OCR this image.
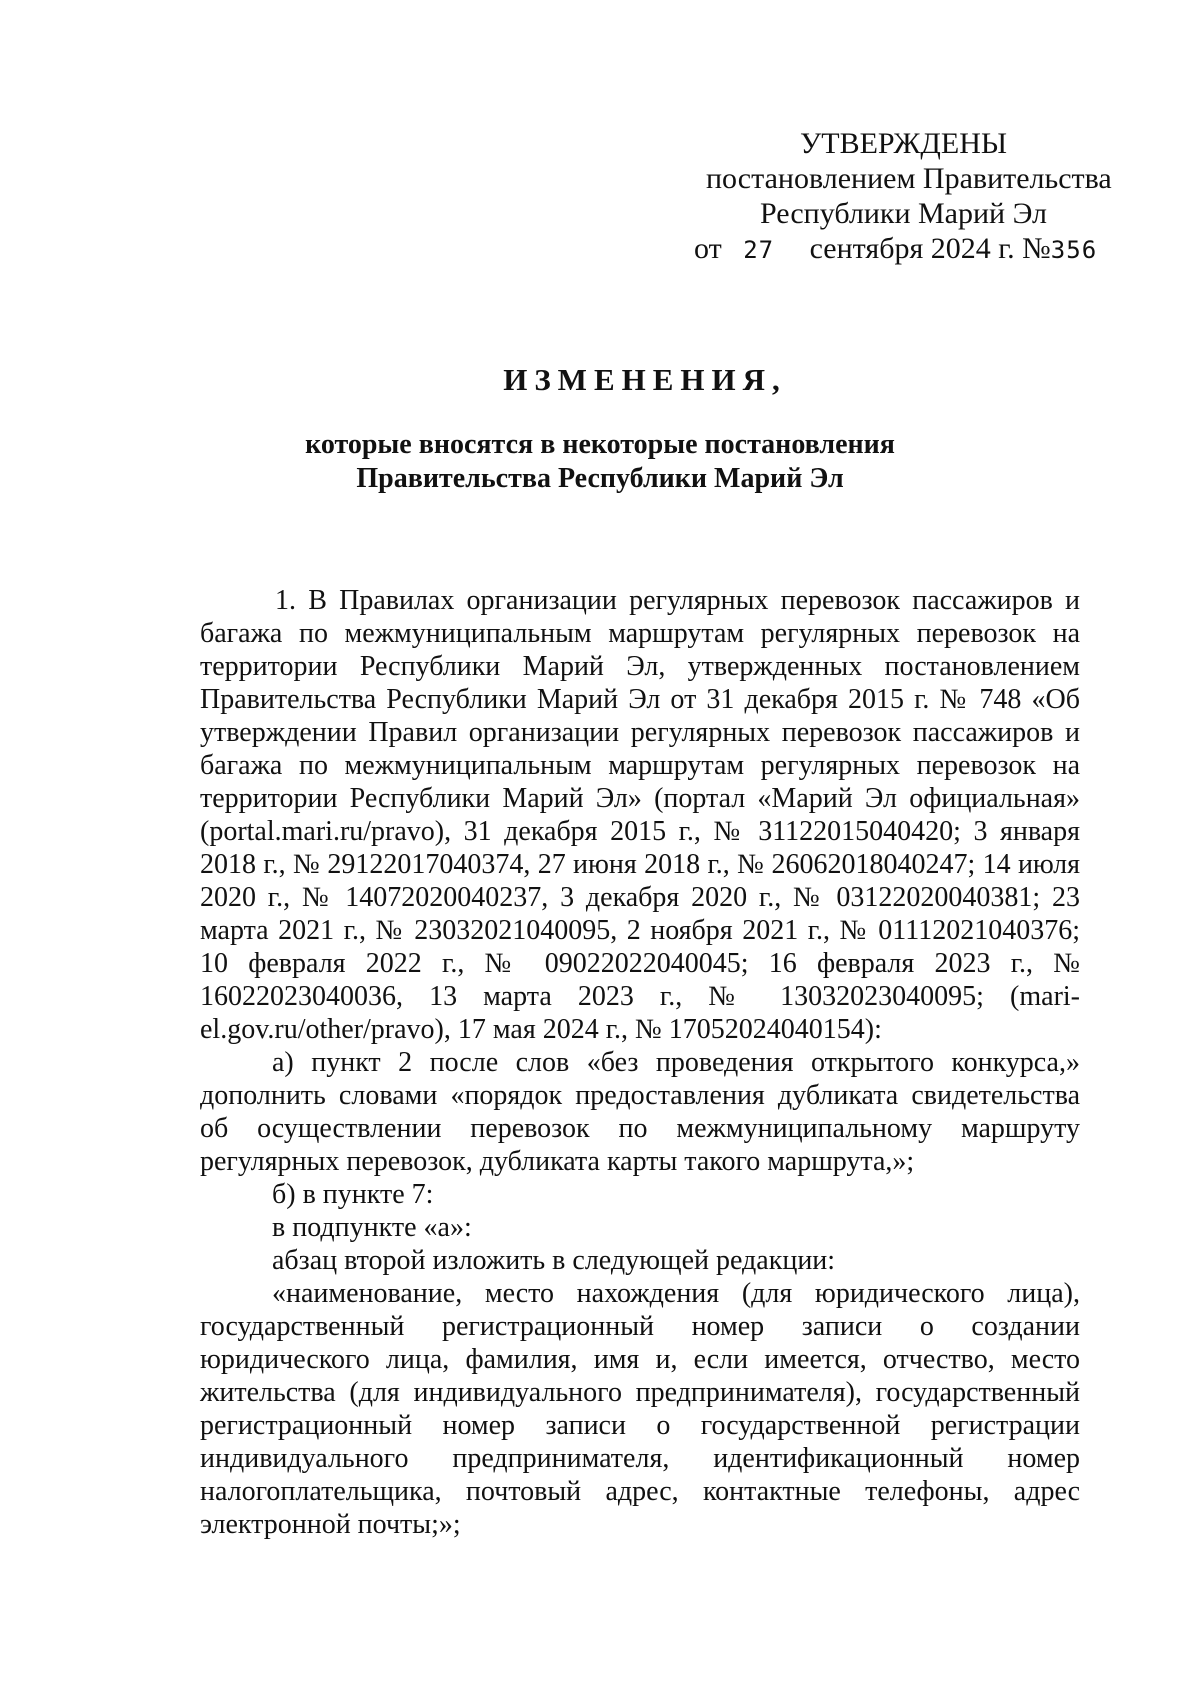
УТВЕРЖДЕНЫ
постановлением Правительства
Республики Марий Эл
от 27 сентября 2024 г. №356
ИЗМЕНЕНИЯ,
которые вносятся в некоторые постановления
Правительства Республики Марий Эл

1. В Правилах организации регулярных перевозок пассажиров и багажа по межмуниципальным маршрутам регулярных перевозок на территории Республики Марий Эл, утвержденных постановлением Правительства Республики Марий Эл от 31 декабря 2015 г. № 748 «Об утверждении Правил организации регулярных перевозок пассажиров и багажа по межмуниципальным маршрутам регулярных перевозок на территории Республики Марий Эл» (портал «Марий Эл официальная» (portal.mari.ru/pravo), 31 декабря 2015 г., № 31122015040420; 3 января 2018 г., № 29122017040374, 27 июня 2018 г., № 26062018040247; 14 июля 2020 г., № 14072020040237, 3 декабря 2020 г., № 03122020040381; 23 марта 2021 г., № 23032021040095, 2 ноября 2021 г., № 01112021040376; 10 февраля 2022 г., № 09022022040045; 16 февраля 2023 г., № 16022023040036, 13 марта 2023 г., № 13032023040095; (mari-el.gov.ru/other/pravo), 17 мая 2024 г., № 17052024040154):

а) пункт 2 после слов «без проведения открытого конкурса,» дополнить словами «порядок предоставления дубликата свидетельства об осуществлении перевозок по межмуниципальному маршруту регулярных перевозок, дубликата карты такого маршрута,»;

б) в пункте 7:

в подпункте «а»:

абзац второй изложить в следующей редакции:

«наименование, место нахождения (для юридического лица), государственный регистрационный номер записи о создании юридического лица, фамилия, имя и, если имеется, отчество, место жительства (для индивидуального предпринимателя), государственный регистрационный номер записи о государственной регистрации индивидуального предпринимателя, идентификационный номер налогоплательщика, почтовый адрес, контактные телефоны, адрес электронной почты;»;
